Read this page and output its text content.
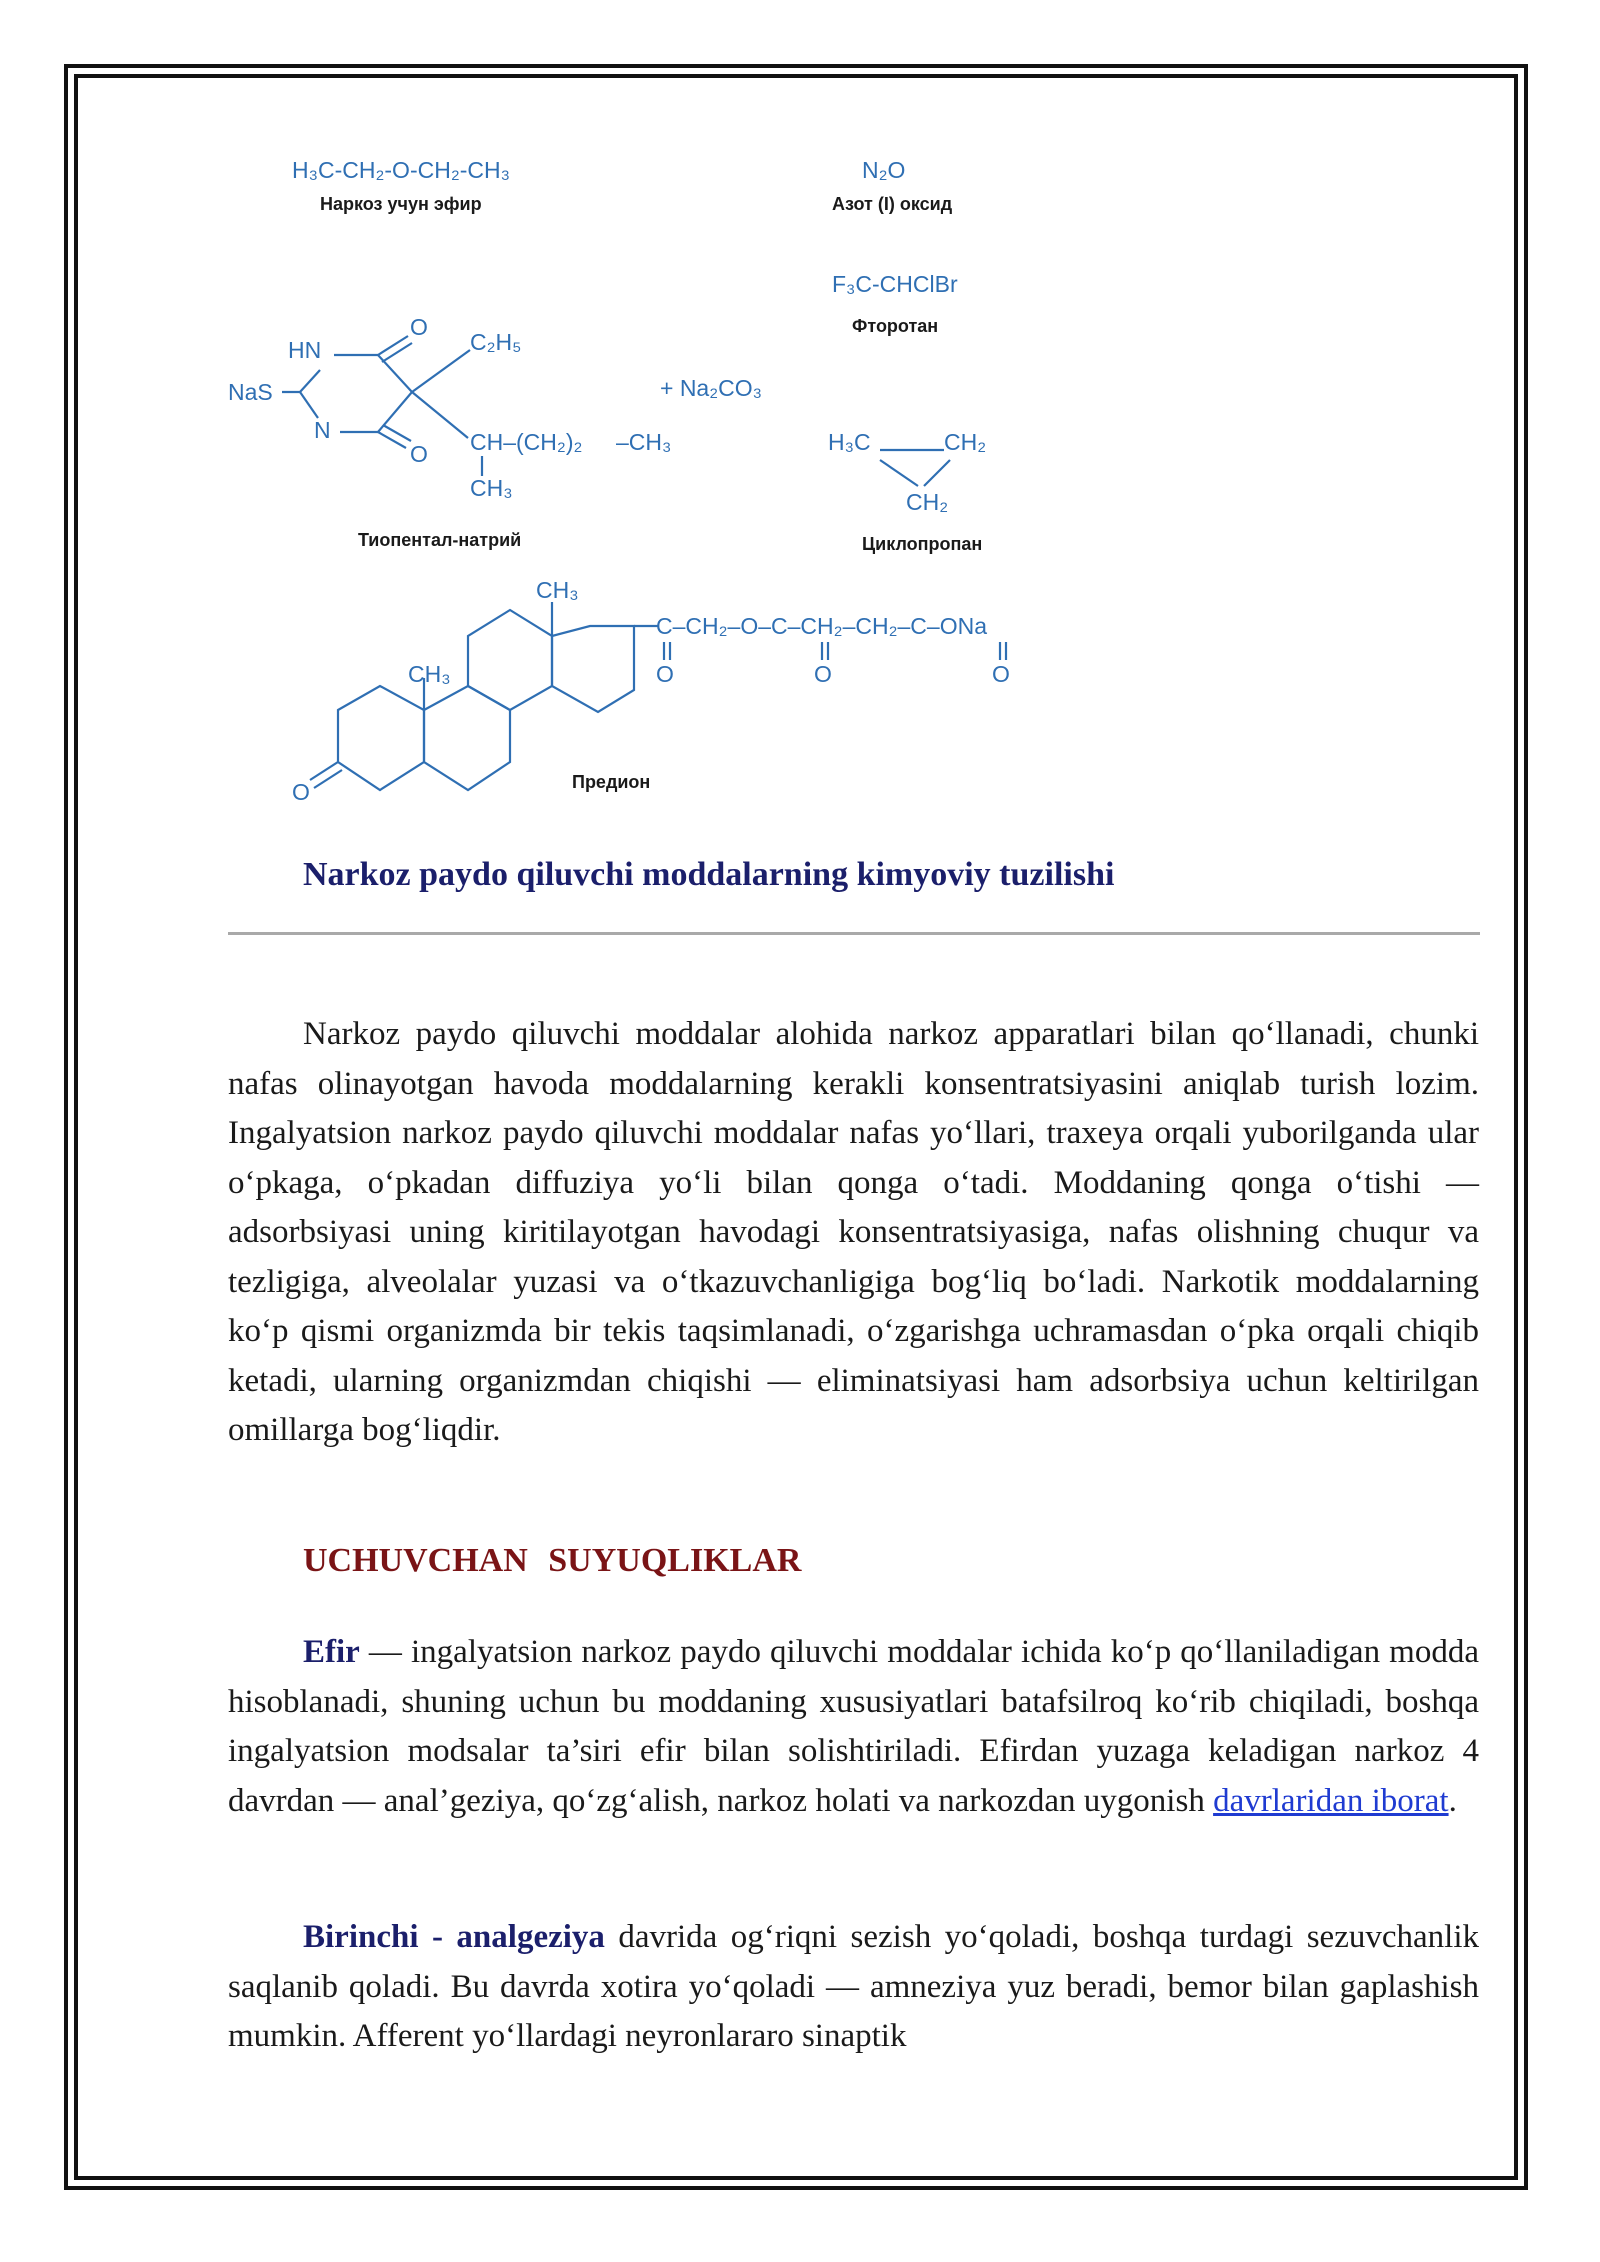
H₃C-CH₂-O-CH₂-CH₃
Наркоз учун эфир
N₂O
Азот (I) оксид
F₃C-CHClBr
Фторотан
HN
NaS
N
O
O
C₂H₅
CH–(CH₂)₂ –CH₃
CH₃
Тиопентал-натрий
+ Na₂CO₃
H₃C	CH₂
CH₂
Циклопропан
CH₃
CH₃
O
C–CH₂–O–C–CH₂–CH₂–C–ONa
O	O	O
Предион
Narkoz paydo qiluvchi moddalarning kimyoviy tuzilishi

Narkoz paydo qiluvchi moddalar alohida narkoz apparatlari bilan qo‘llanadi, chunki nafas olinayotgan havoda moddalarning kerakli konsentratsiyasini aniqlab turish lozim. Ingalyatsion narkoz paydo qiluvchi moddalar nafas yo‘llari, traxeya orqali yuborilganda ular o‘pkaga, o‘pkadan diffuziya yo‘li bilan qonga o‘tadi. Moddaning qonga o‘tishi — adsorbsiyasi uning kiritilayotgan havodagi konsentratsiyasiga, nafas olishning chuqur va tezligiga, alveolalar yuzasi va o‘tkazuvchanligiga bog‘liq bo‘ladi. Narkotik moddalarning ko‘p qismi organizmda bir tekis taqsimlanadi, o‘zgarishga uchramasdan o‘pka orqali chiqib ketadi, ularning organizmdan chiqishi — eliminatsiyasi ham adsorbsiya uchun keltirilgan omillarga bog‘liqdir.

UCHUVCHAN SUYUQLIKLAR

Efir — ingalyatsion narkoz paydo qiluvchi moddalar ichida ko‘p qo‘llaniladigan modda hisoblanadi, shuning uchun bu moddaning xususiyatlari batafsilroq ko‘rib chiqiladi, boshqa ingalyatsion modsalar ta’siri efir bilan solishtiriladi. Efirdan yuzaga keladigan narkoz 4 davrdan — anal’geziya, qo‘zg‘alish, narkoz holati va narkozdan uygonish davrlaridan iborat.

Birinchi - analgeziya davrida og‘riqni sezish yo‘qoladi, boshqa turdagi sezuvchanlik saqlanib qoladi. Bu davrda xotira yo‘qoladi — amneziya yuz beradi, bemor bilan gaplashish mumkin. Afferent yo‘llardagi neyronlararo sinaptik
